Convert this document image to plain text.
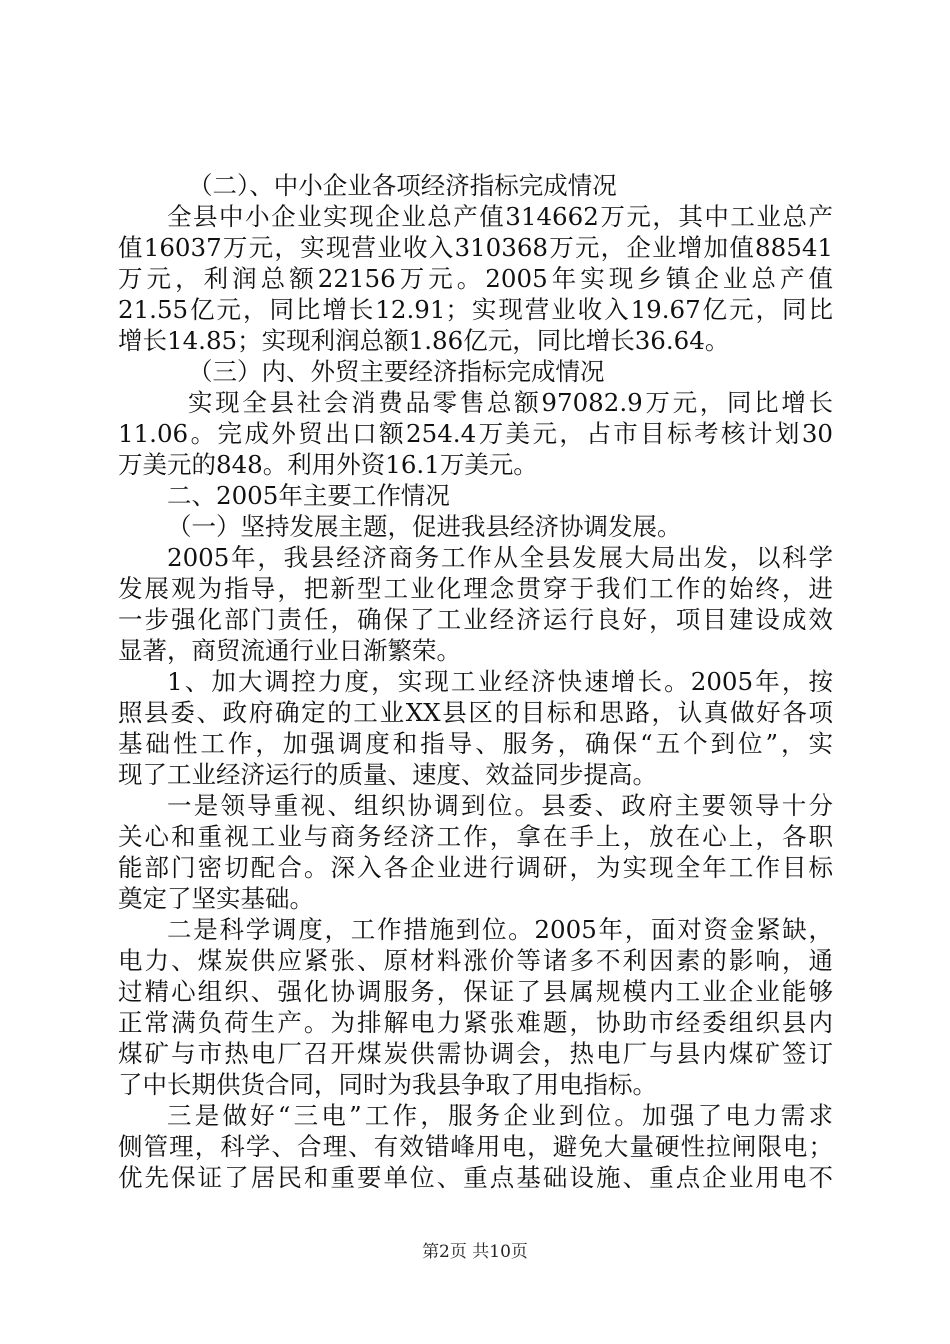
（二）、中小企业各项经济指标完成情况
全县中小企业实现企业总产值314662万元，其中工业总产
值16037万元，实现营业收入310368万元，企业增加值88541
万元，利润总额22156万元。2005年实现乡镇企业总产值
21.55亿元，同比增长12.91；实现营业收入19.67亿元，同比
增长14.85；实现利润总额1.86亿元，同比增长36.64。
（三）内、外贸主要经济指标完成情况
实现全县社会消费品零售总额97082.9万元，同比增长
11.06。完成外贸出口额254.4万美元，占市目标考核计划30
万美元的848。利用外资16.1万美元。
二、2005年主要工作情况
（一）坚持发展主题，促进我县经济协调发展。
2005年，我县经济商务工作从全县发展大局出发，以科学
发展观为指导，把新型工业化理念贯穿于我们工作的始终，进
一步强化部门责任，确保了工业经济运行良好，项目建设成效
显著，商贸流通行业日渐繁荣。
1、加大调控力度，实现工业经济快速增长。2005年，按
照县委、政府确定的工业XX县区的目标和思路，认真做好各项
基础性工作，加强调度和指导、服务，确保“五个到位”，实
现了工业经济运行的质量、速度、效益同步提高。
一是领导重视、组织协调到位。县委、政府主要领导十分
关心和重视工业与商务经济工作，拿在手上，放在心上，各职
能部门密切配合。深入各企业进行调研，为实现全年工作目标
奠定了坚实基础。
二是科学调度，工作措施到位。2005年，面对资金紧缺，
电力、煤炭供应紧张、原材料涨价等诸多不利因素的影响，通
过精心组织、强化协调服务，保证了县属规模内工业企业能够
正常满负荷生产。为排解电力紧张难题，协助市经委组织县内
煤矿与市热电厂召开煤炭供需协调会，热电厂与县内煤矿签订
了中长期供货合同，同时为我县争取了用电指标。
三是做好“三电”工作，服务企业到位。加强了电力需求
侧管理，科学、合理、有效错峰用电，避免大量硬性拉闸限电；
优先保证了居民和重要单位、重点基础设施、重点企业用电不
第2页 共10页
